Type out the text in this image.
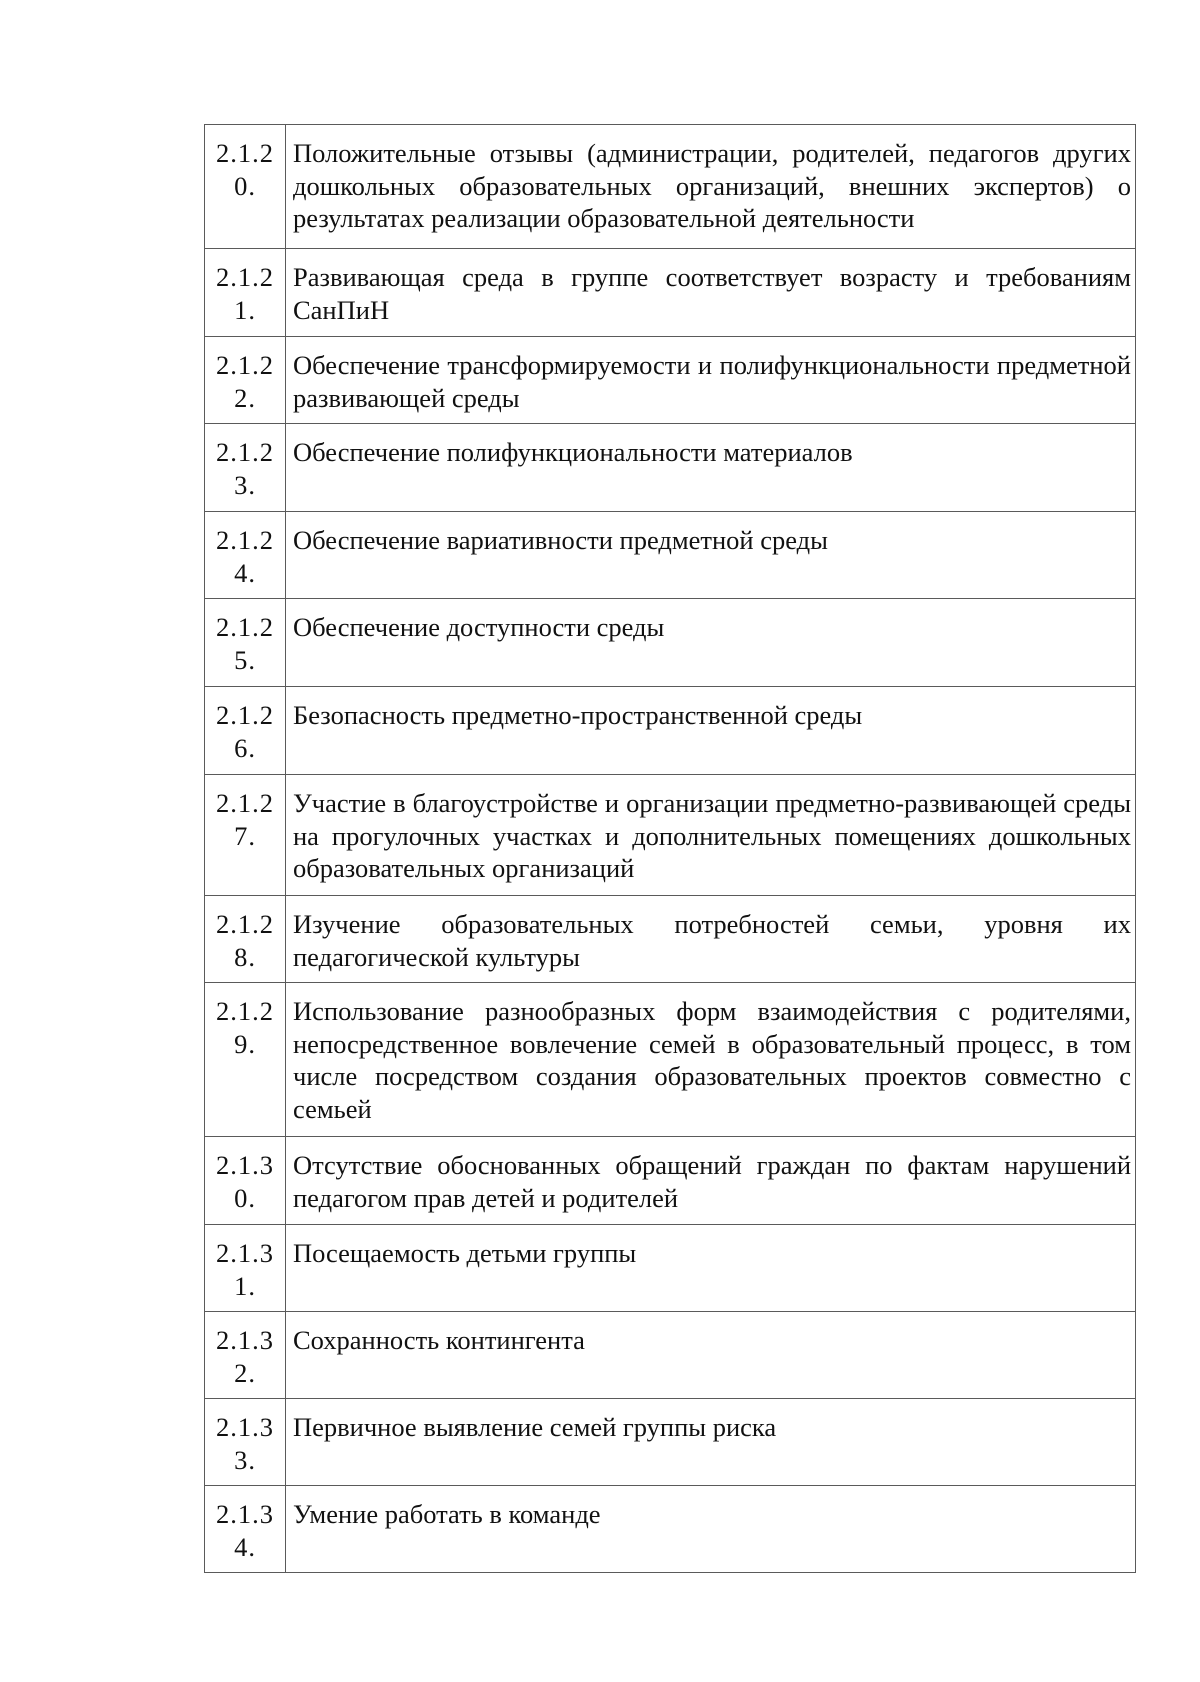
2.1.20.	Положительные отзывы (администрации, родителей, педагогов других дошкольных образовательных организаций, внешних экспертов) о результатах реализации образовательной деятельности

2.1.21.	Развивающая среда в группе соответствует возрасту и требованиям СанПиН

2.1.22.	Обеспечение трансформируемости и полифункциональности предметной развивающей среды

2.1.23.	Обеспечение полифункциональности материалов

2.1.24.	Обеспечение вариативности предметной среды

2.1.25.	Обеспечение доступности среды

2.1.26.	Безопасность предметно-пространственной среды

2.1.27.	Участие в благоустройстве и организации предметно-развивающей среды на прогулочных участках и дополнительных помещениях дошкольных образовательных организаций

2.1.28.	Изучение образовательных потребностей семьи, уровня их педагогической культуры

2.1.29.	Использование разнообразных форм взаимодействия с родителями, непосредственное вовлечение семей в образовательный процесс, в том числе посредством создания образовательных проектов совместно с семьей

2.1.30.	Отсутствие обоснованных обращений граждан по фактам нарушений педагогом прав детей и родителей

2.1.31.	Посещаемость детьми группы

2.1.32.	Сохранность контингента

2.1.33.	Первичное выявление семей группы риска

2.1.34.	Умение работать в команде
